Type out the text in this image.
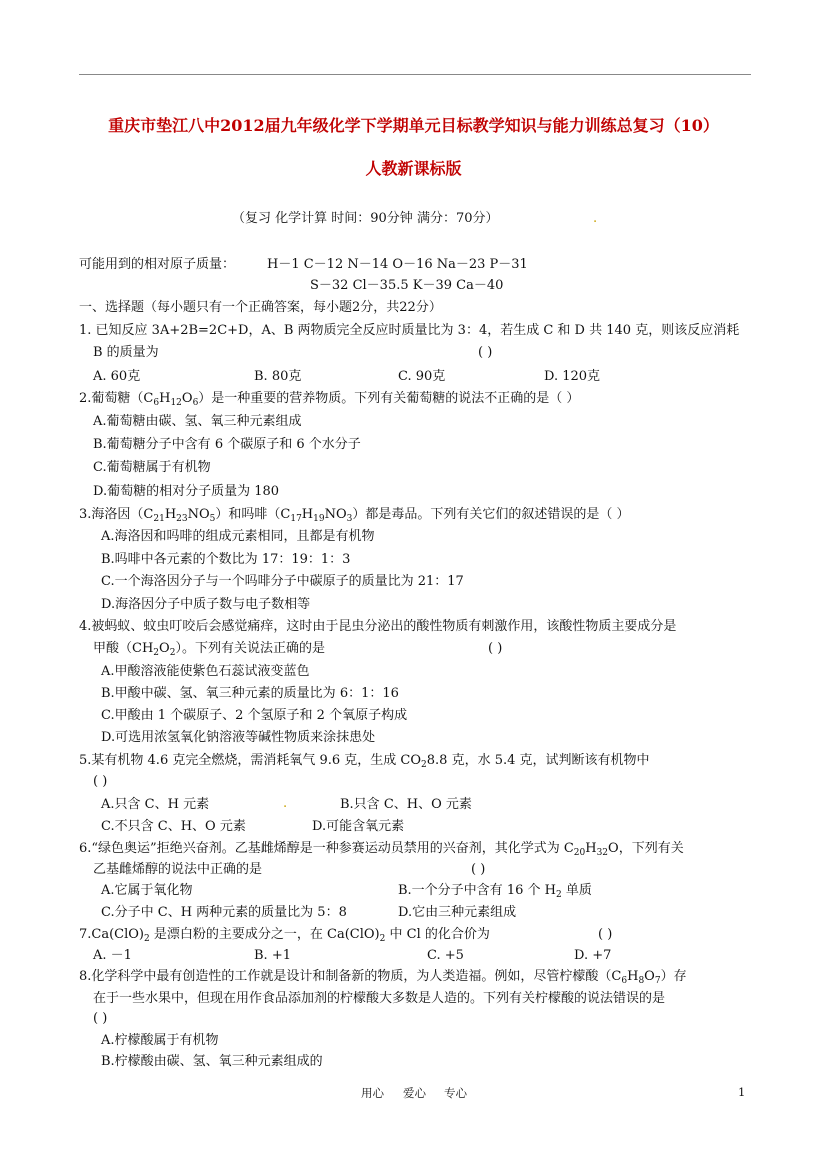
重庆市垫江八中2012届九年级化学下学期单元目标教学知识与能力训练总复习（10）
人教新课标版
（复习 化学计算 时间：90分钟 满分：70分）	.
可能用到的相对原子质量： H－1 C－12 N－14 O－16 Na－23 P－31
S－32 Cl－35.5 K－39 Ca－40
一、选择题（每小题只有一个正确答案，每小题2分，共22分）
1. 已知反应 3A+2B=2C+D，A、B 两物质完全反应时质量比为 3：4，若生成 C 和 D 共 140 克，则该反应消耗
B 的质量为	( )
A. 60克	B. 80克	C. 90克	D. 120克
2.葡萄糖$(C_6H_{12}O_6)$是一种重要的营养物质。下列有关葡萄糖的说法不正确的是（ ）
A.葡萄糖由碳、氢、氧三种元素组成
B.葡萄糖分子中含有 6 个碳原子和 6 个水分子
C.葡萄糖属于有机物
D.葡萄糖的相对分子质量为 180
3.海洛因$(C_{21}H_{23}NO_5)$和吗啡$(C_{17}H_{19}NO_3)$都是毒品。下列有关它们的叙述错误的是（ ）
A.海洛因和吗啡的组成元素相同，且都是有机物
B.吗啡中各元素的个数比为 17：19：1：3
C.一个海洛因分子与一个吗啡分子中碳原子的质量比为 21：17
D.海洛因分子中质子数与电子数相等
4.被蚂蚁、蚊虫叮咬后会感觉痛痒，这时由于昆虫分泌出的酸性物质有刺激作用，该酸性物质主要成分是
甲酸$(CH_2O_2)$。下列有关说法正确的是	( )
A.甲酸溶液能使紫色石蕊试液变蓝色
B.甲酸中碳、氢、氧三种元素的质量比为 6：1：16
C.甲酸由 1 个碳原子、2 个氢原子和 2 个氧原子构成
D.可选用浓氢氧化钠溶液等碱性物质来涂抹患处
5.某有机物 4.6 克完全燃烧，需消耗氧气 9.6 克，生成 $CO_28.8$ 克，水 5.4 克，试判断该有机物中
( )
A.只含 C、H 元素	.	B.只含 C、H、O 元素
C.不只含 C、H、O 元素	D.可能含氧元素
6.“绿色奥运”拒绝兴奋剂。乙基雌烯醇是一种参赛运动员禁用的兴奋剂，其化学式为 $C_{20}H_{32}O$，下列有关
乙基雌烯醇的说法中正确的是	( )
A.它属于氧化物	B.一个分子中含有 16 个 $H_2$ 单质
C.分子中 C、H 两种元素的质量比为 5：8	D.它由三种元素组成
$7.Ca(ClO)_2$ 是漂白粉的主要成分之一，在 $Ca(ClO)_2$ 中 Cl 的化合价为	( )
A. －1	B. +1	C. +5	D. +7
8.化学科学中最有创造性的工作就是设计和制备新的物质，为人类造福。例如，尽管柠檬酸$(C_6H_8O_7)$存
在于一些水果中，但现在用作食品添加剂的柠檬酸大多数是人造的。下列有关柠檬酸的说法错误的是
( )
A.柠檬酸属于有机物
B.柠檬酸由碳、氢、氧三种元素组成的
用心 爱心 专心	1
